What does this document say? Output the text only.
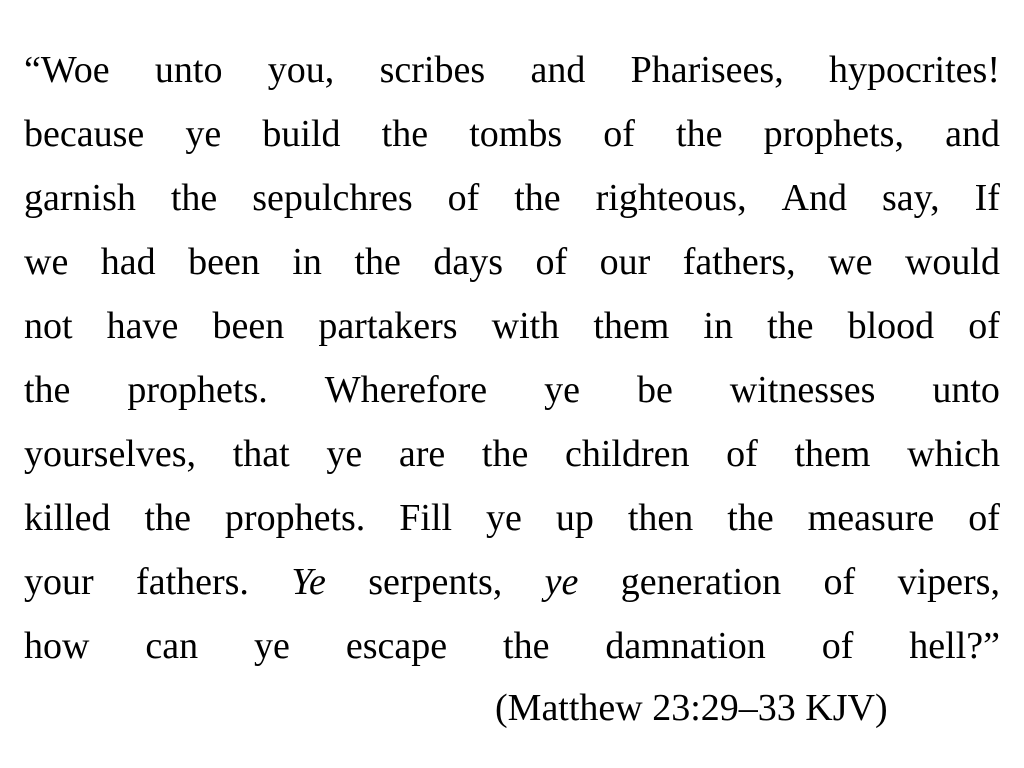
“Woe unto you, scribes and Pharisees, hypocrites!
because ye build the tombs of the prophets, and
garnish the sepulchres of the righteous, And say, If
we had been in the days of our fathers, we would
not have been partakers with them in the blood of
the prophets. Wherefore ye be witnesses unto
yourselves, that ye are the children of them which
killed the prophets. Fill ye up then the measure of
your fathers. Ye serpents, ye generation of vipers,
how can ye escape the damnation of hell?”

(Matthew 23:29–33 KJV)
